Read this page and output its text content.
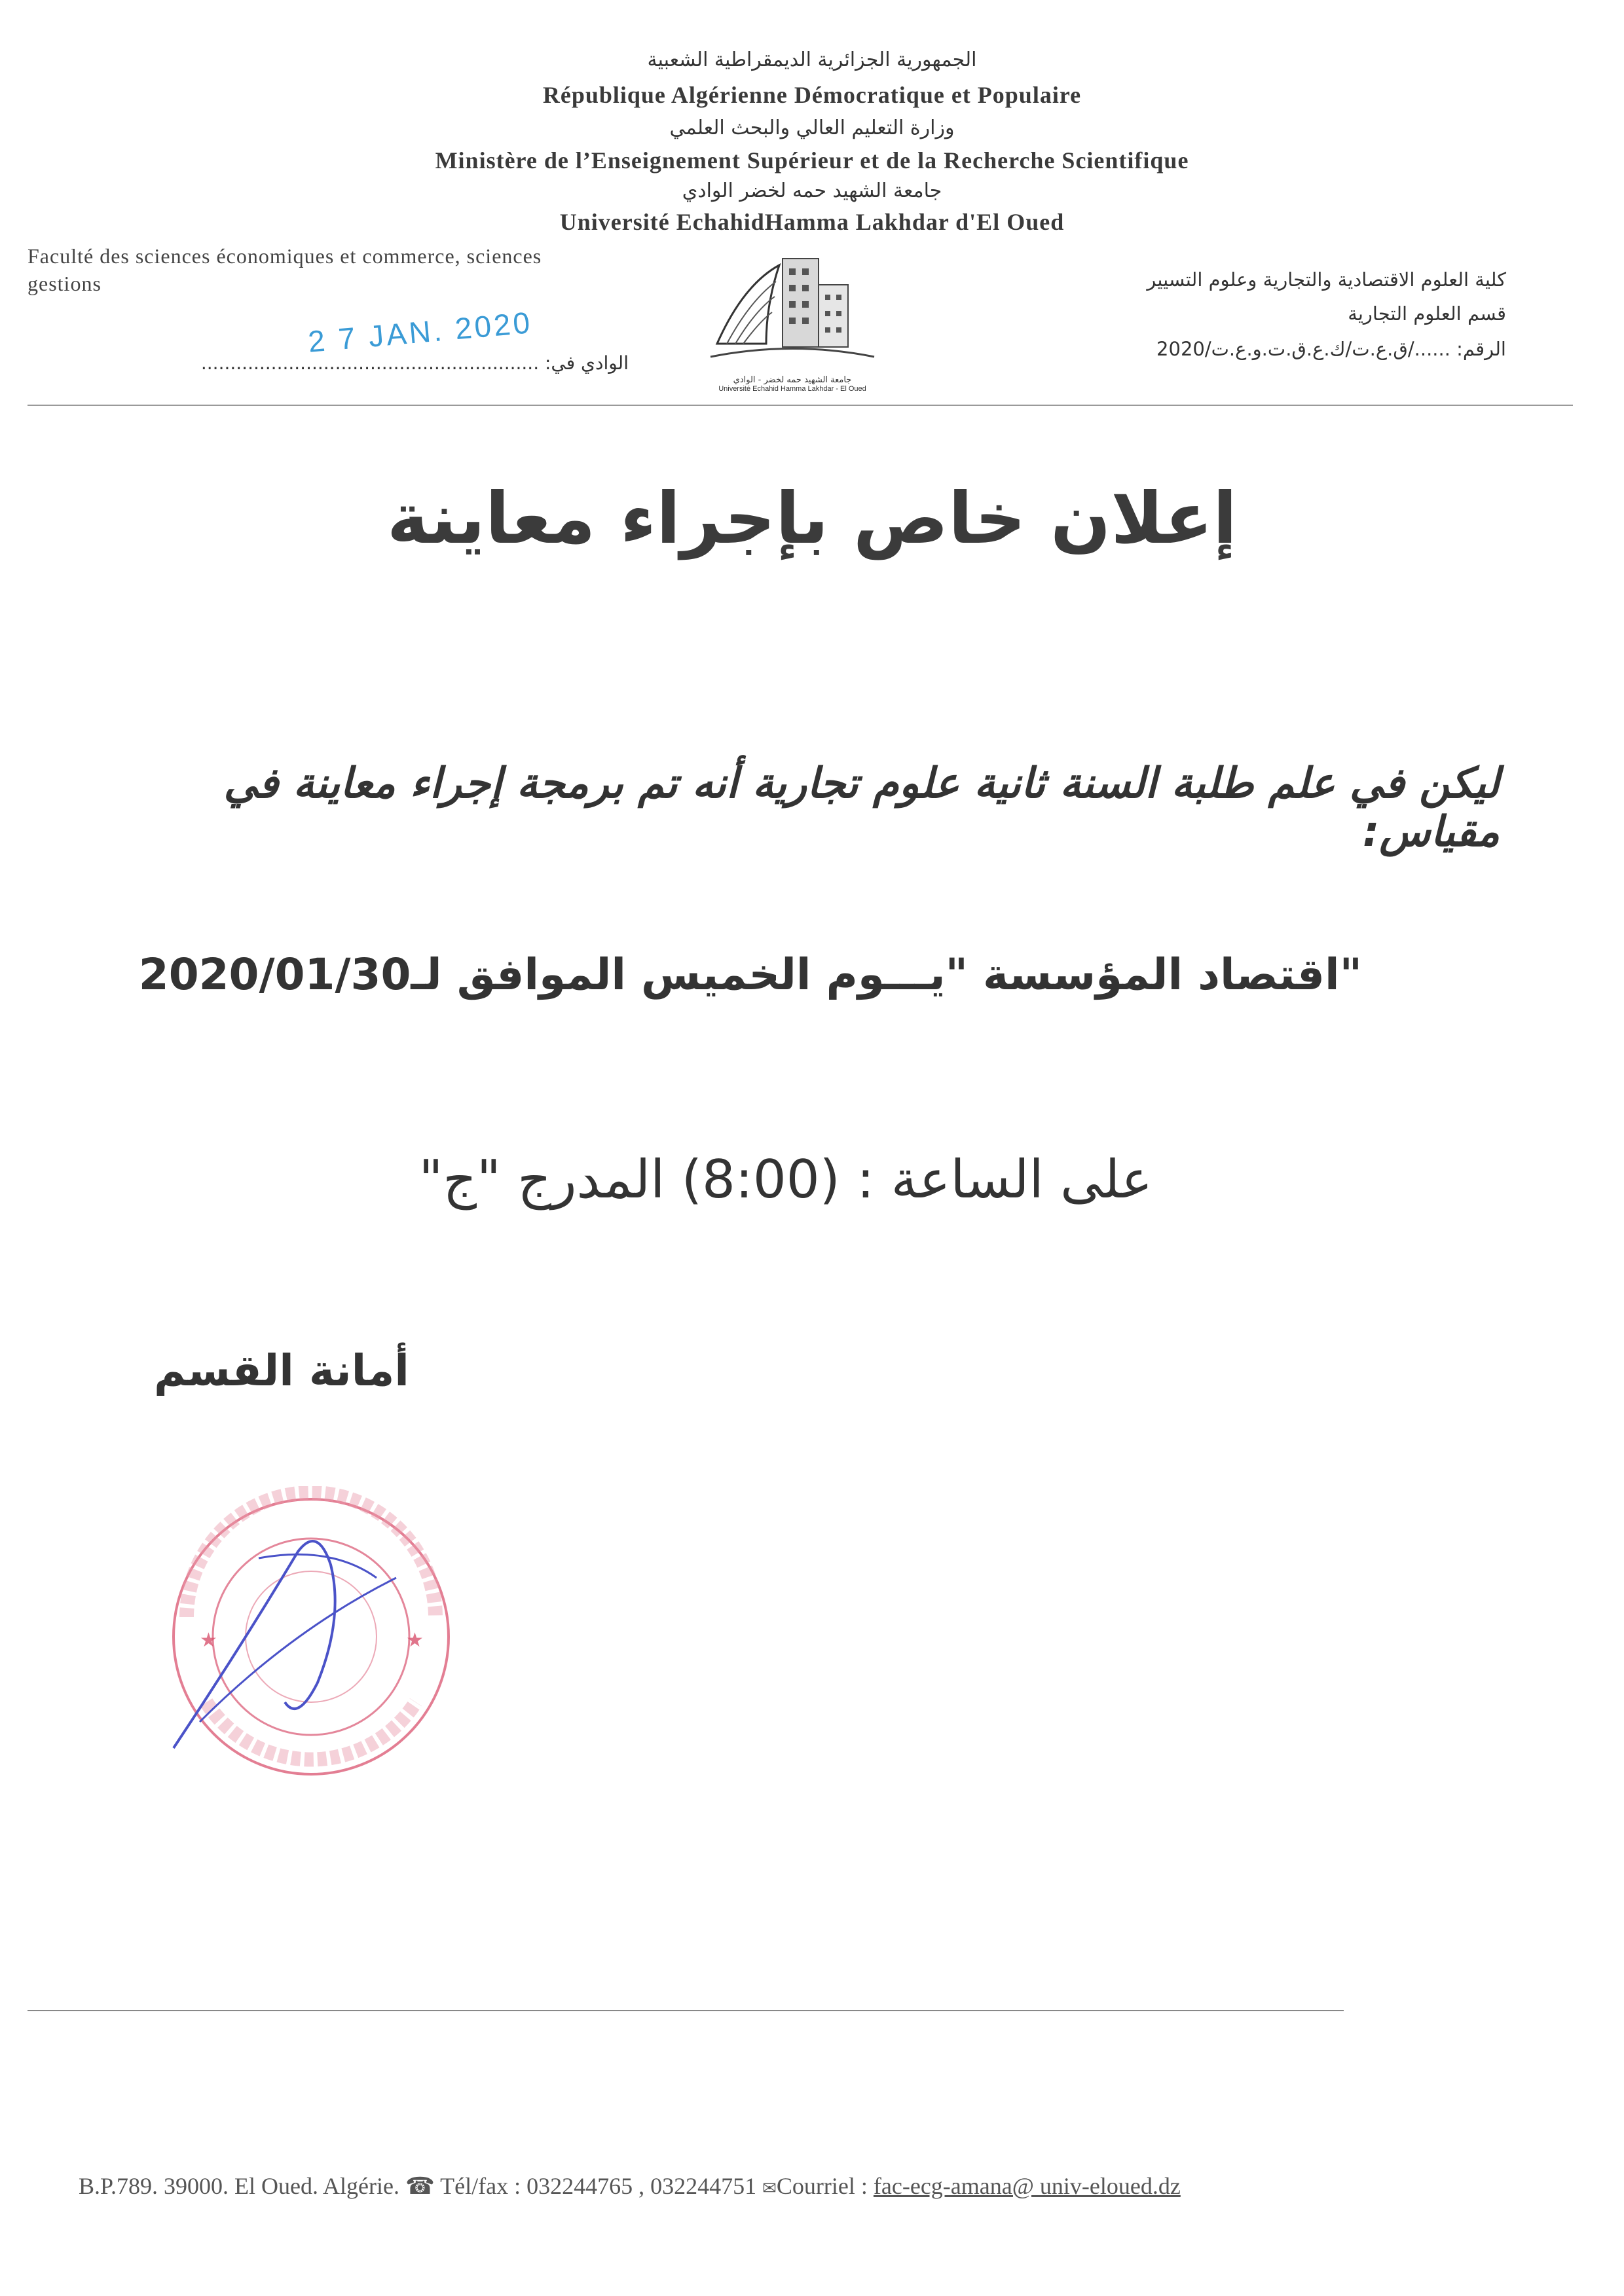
الجمهورية الجزائرية الديمقراطية الشعبية
République Algérienne Démocratique et Populaire
وزارة التعليم العالي والبحث العلمي
Ministère de l’Enseignement Supérieur et de la Recherche Scientifique
جامعة الشهيد حمه لخضر الوادي
Université EchahidHamma Lakhdar d'El Oued
Faculté des sciences économiques et commerce, sciences
gestions
2 7 JAN. 2020
الوادي في: ..........................................................
جامعة الشهيد حمه لخضر - الوادي
Université Echahid Hamma Lakhdar - El Oued
كلية العلوم الاقتصادية والتجارية وعلوم التسيير
قسم العلوم التجارية
الرقم: ....../ق.ع.ت/ك.ع.ق.ت.و.ع.ت/2020
إعلان خاص بإجراء معاينة
ليكن في علم طلبة السنة ثانية علوم تجارية أنه تم برمجة إجراء معاينة في مقياس:
"اقتصاد المؤسسة "يـــوم الخميس الموافق لـ2020/01/30
على الساعة : (8:00) المدرج "ج"
أمانة القسم
★	★
B.P.789. 39000. El Oued. Algérie. ☎ Tél/fax : 032244765 , 032244751 ✉Courriel : fac-ecg-amana@ univ-eloued.dz
